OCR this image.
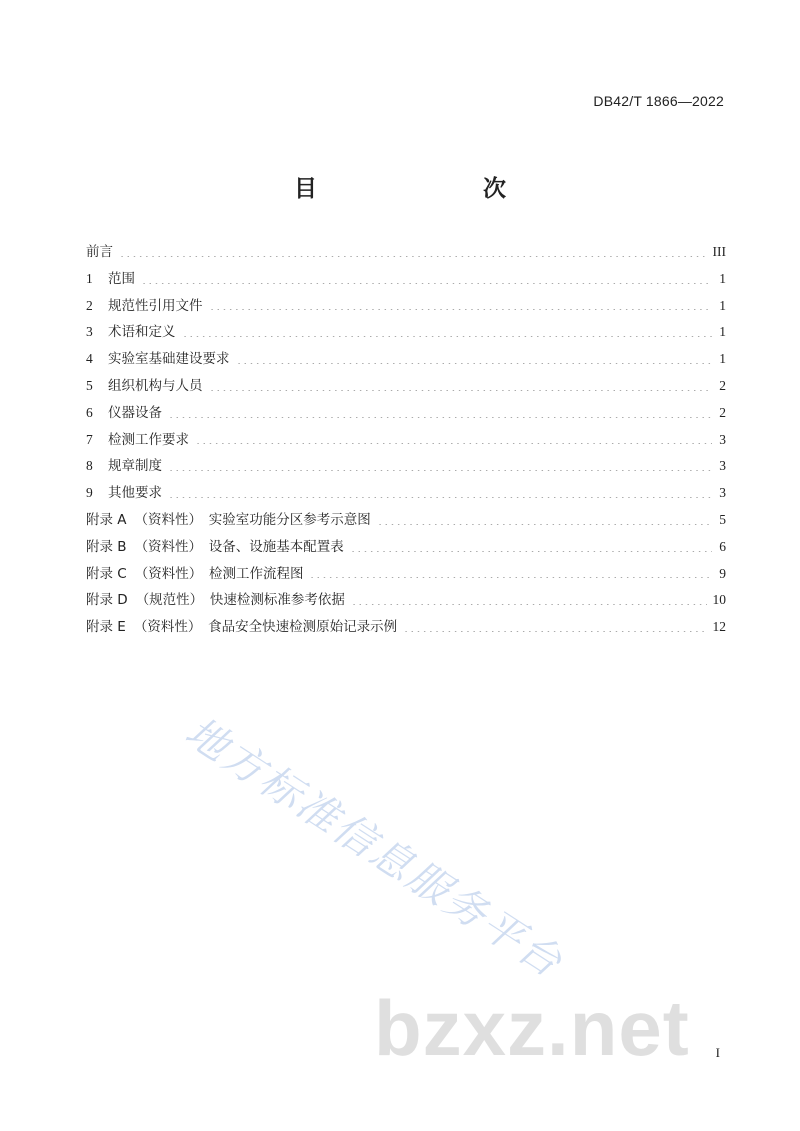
DB42/T 1866—2022
目　　次
前言	III
1 范围	1
2 规范性引用文件	1
3 术语和定义	1
4 实验室基础建设要求	1
5 组织机构与人员	2
6 仪器设备	2
7 检测工作要求	3
8 规章制度	3
9 其他要求	3
附录 A （资料性）　实验室功能分区参考示意图	5
附录 B （资料性）　设备、设施基本配置表	6
附录 C （资料性）　检测工作流程图	9
附录 D （规范性）　快速检测标准参考依据	10
附录 E （资料性）　食品安全快速检测原始记录示例	12
I
地方标准信息服务平台
bzxz.net
